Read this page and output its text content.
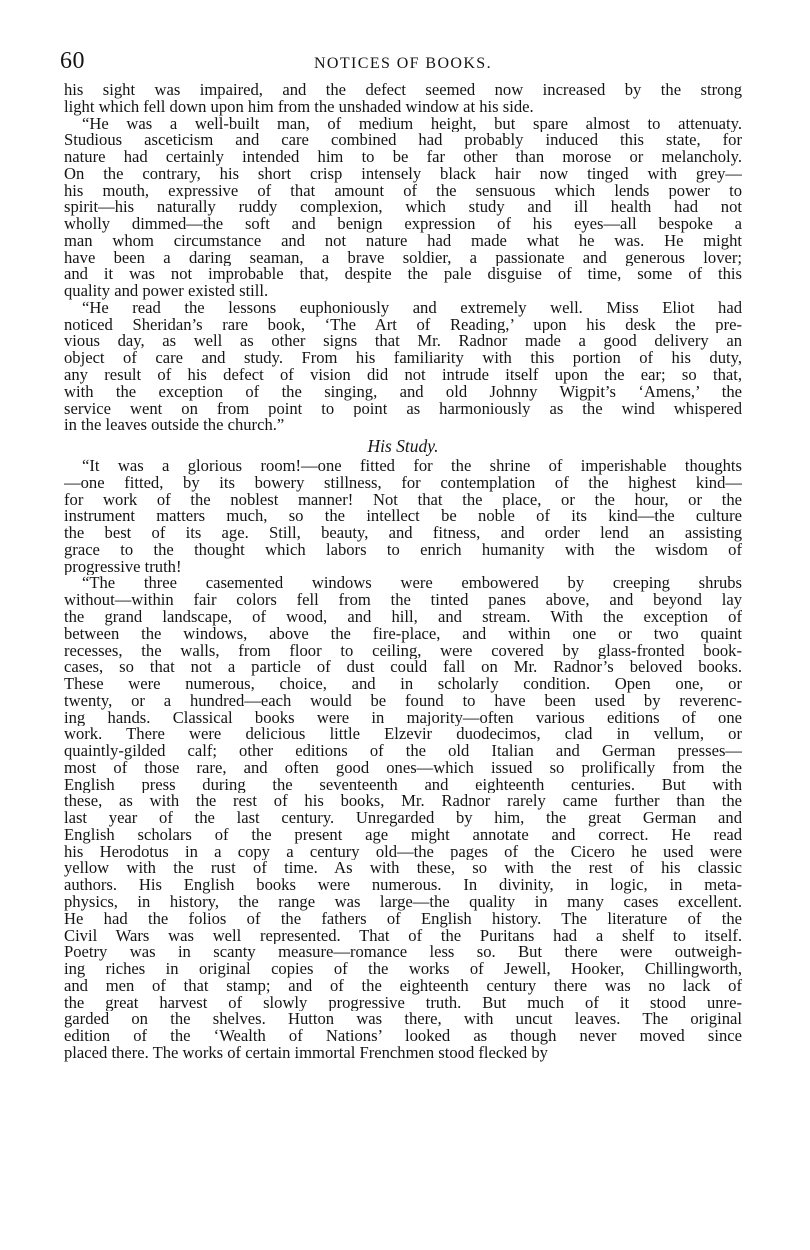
60	NOTICES OF BOOKS.
his sight was impaired, and the defect seemed now increased by the strong
light which fell down upon him from the unshaded window at his side.
“He was a well-built man, of medium height, but spare almost to attenuaty.
Studious asceticism and care combined had probably induced this state, for
nature had certainly intended him to be far other than morose or melancholy.
On the contrary, his short crisp intensely black hair now tinged with grey—
his mouth, expressive of that amount of the sensuous which lends power to
spirit—his naturally ruddy complexion, which study and ill health had not
wholly dimmed—the soft and benign expression of his eyes—all bespoke a
man whom circumstance and not nature had made what he was. He might
have been a daring seaman, a brave soldier, a passionate and generous lover;
and it was not improbable that, despite the pale disguise of time, some of this
quality and power existed still.
“He read the lessons euphoniously and extremely well. Miss Eliot had
noticed Sheridan’s rare book, ‘The Art of Reading,’ upon his desk the pre-
vious day, as well as other signs that Mr. Radnor made a good delivery an
object of care and study. From his familiarity with this portion of his duty,
any result of his defect of vision did not intrude itself upon the ear; so that,
with the exception of the singing, and old Johnny Wigpit’s ‘Amens,’ the
service went on from point to point as harmoniously as the wind whispered
in the leaves outside the church.”
His Study.
“It was a glorious room!—one fitted for the shrine of imperishable thoughts
—one fitted, by its bowery stillness, for contemplation of the highest kind—
for work of the noblest manner! Not that the place, or the hour, or the
instrument matters much, so the intellect be noble of its kind—the culture
the best of its age. Still, beauty, and fitness, and order lend an assisting
grace to the thought which labors to enrich humanity with the wisdom of
progressive truth!
“The three casemented windows were embowered by creeping shrubs
without—within fair colors fell from the tinted panes above, and beyond lay
the grand landscape, of wood, and hill, and stream. With the exception of
between the windows, above the fire-place, and within one or two quaint
recesses, the walls, from floor to ceiling, were covered by glass-fronted book-
cases, so that not a particle of dust could fall on Mr. Radnor’s beloved books.
These were numerous, choice, and in scholarly condition. Open one, or
twenty, or a hundred—each would be found to have been used by reverenc-
ing hands. Classical books were in majority—often various editions of one
work. There were delicious little Elzevir duodecimos, clad in vellum, or
quaintly-gilded calf; other editions of the old Italian and German presses—
most of those rare, and often good ones—which issued so prolifically from the
English press during the seventeenth and eighteenth centuries. But with
these, as with the rest of his books, Mr. Radnor rarely came further than the
last year of the last century. Unregarded by him, the great German and
English scholars of the present age might annotate and correct. He read
his Herodotus in a copy a century old—the pages of the Cicero he used were
yellow with the rust of time. As with these, so with the rest of his classic
authors. His English books were numerous. In divinity, in logic, in meta-
physics, in history, the range was large—the quality in many cases excellent.
He had the folios of the fathers of English history. The literature of the
Civil Wars was well represented. That of the Puritans had a shelf to itself.
Poetry was in scanty measure—romance less so. But there were outweigh-
ing riches in original copies of the works of Jewell, Hooker, Chillingworth,
and men of that stamp; and of the eighteenth century there was no lack of
the great harvest of slowly progressive truth. But much of it stood unre-
garded on the shelves. Hutton was there, with uncut leaves. The original
edition of the ‘Wealth of Nations’ looked as though never moved since
placed there. The works of certain immortal Frenchmen stood flecked by
